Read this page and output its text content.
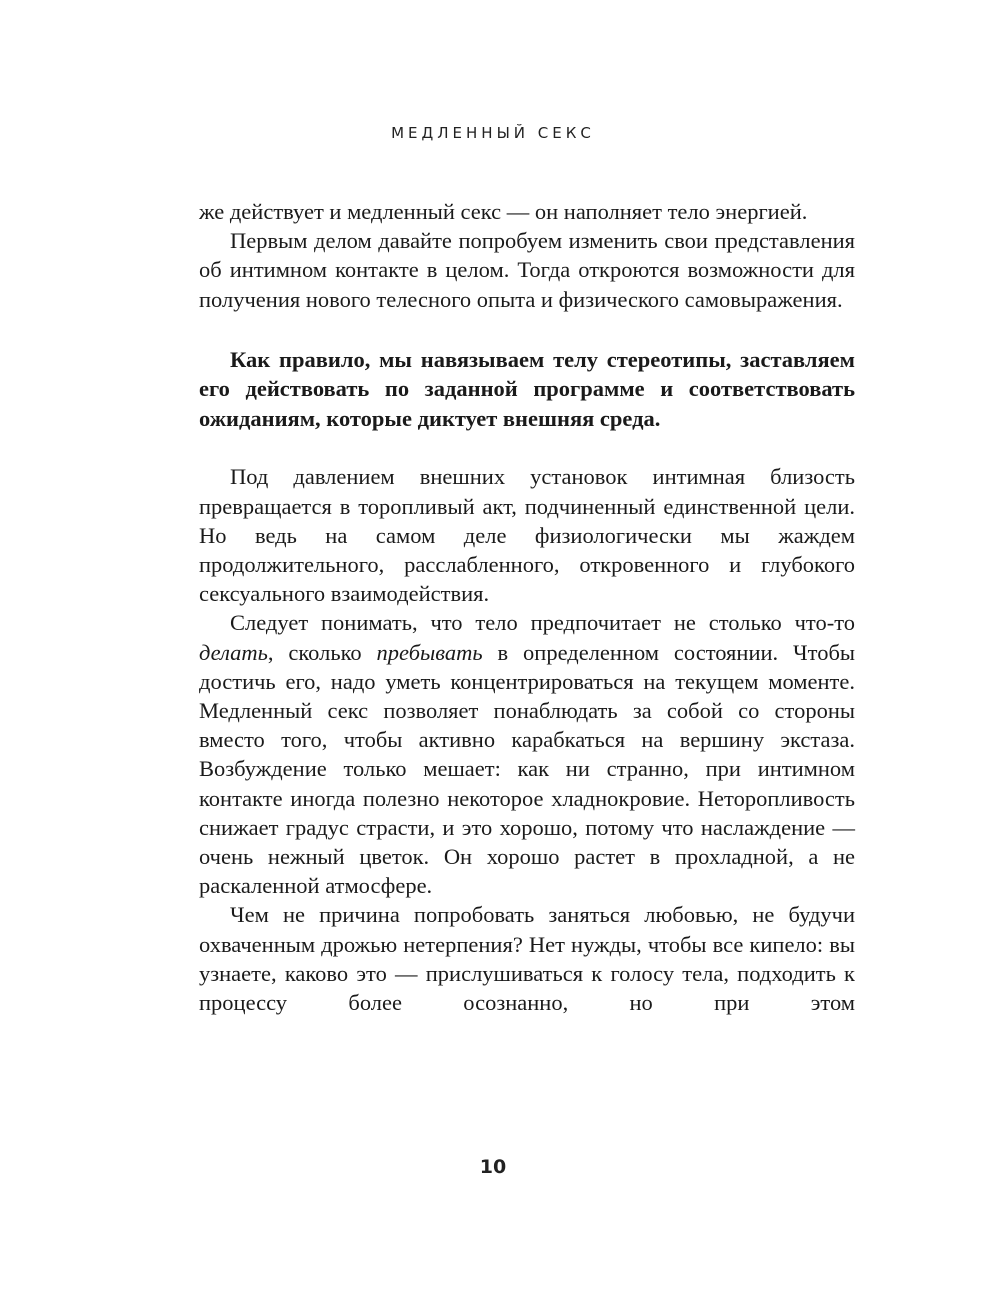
МЕДЛЕННЫЙ СЕКС

же действует и медленный секс — он наполняет тело энергией.

Первым делом давайте попробуем изменить свои представления об интимном контакте в целом. Тогда откроются возможности для получения нового телесного опыта и физического самовыражения.

Как правило, мы навязываем телу стереотипы, заставляем его действовать по заданной программе и соответствовать ожиданиям, которые диктует внешняя среда.

Под давлением внешних установок интимная близость превращается в торопливый акт, подчиненный единственной цели. Но ведь на самом деле физиологически мы жаждем продолжительного, расслабленного, откровенного и глубокого сексуального взаимодействия.

Следует понимать, что тело предпочитает не столько что-то делать, сколько пребывать в определенном состоянии. Чтобы достичь его, надо уметь концентрироваться на текущем моменте. Медленный секс позволяет понаблюдать за собой со стороны вместо того, чтобы активно карабкаться на вершину экстаза. Возбуждение только мешает: как ни странно, при интимном контакте иногда полезно некоторое хладнокровие. Неторопливость снижает градус страсти, и это хорошо, потому что наслаждение — очень нежный цветок. Он хорошо растет в прохладной, а не раскаленной атмосфере.

Чем не причина попробовать заняться любовью, не будучи охваченным дрожью нетерпения? Нет нужды, чтобы все кипело: вы узнаете, каково это — прислушиваться к голосу тела, подходить к процессу более осознанно, но при этом

10
